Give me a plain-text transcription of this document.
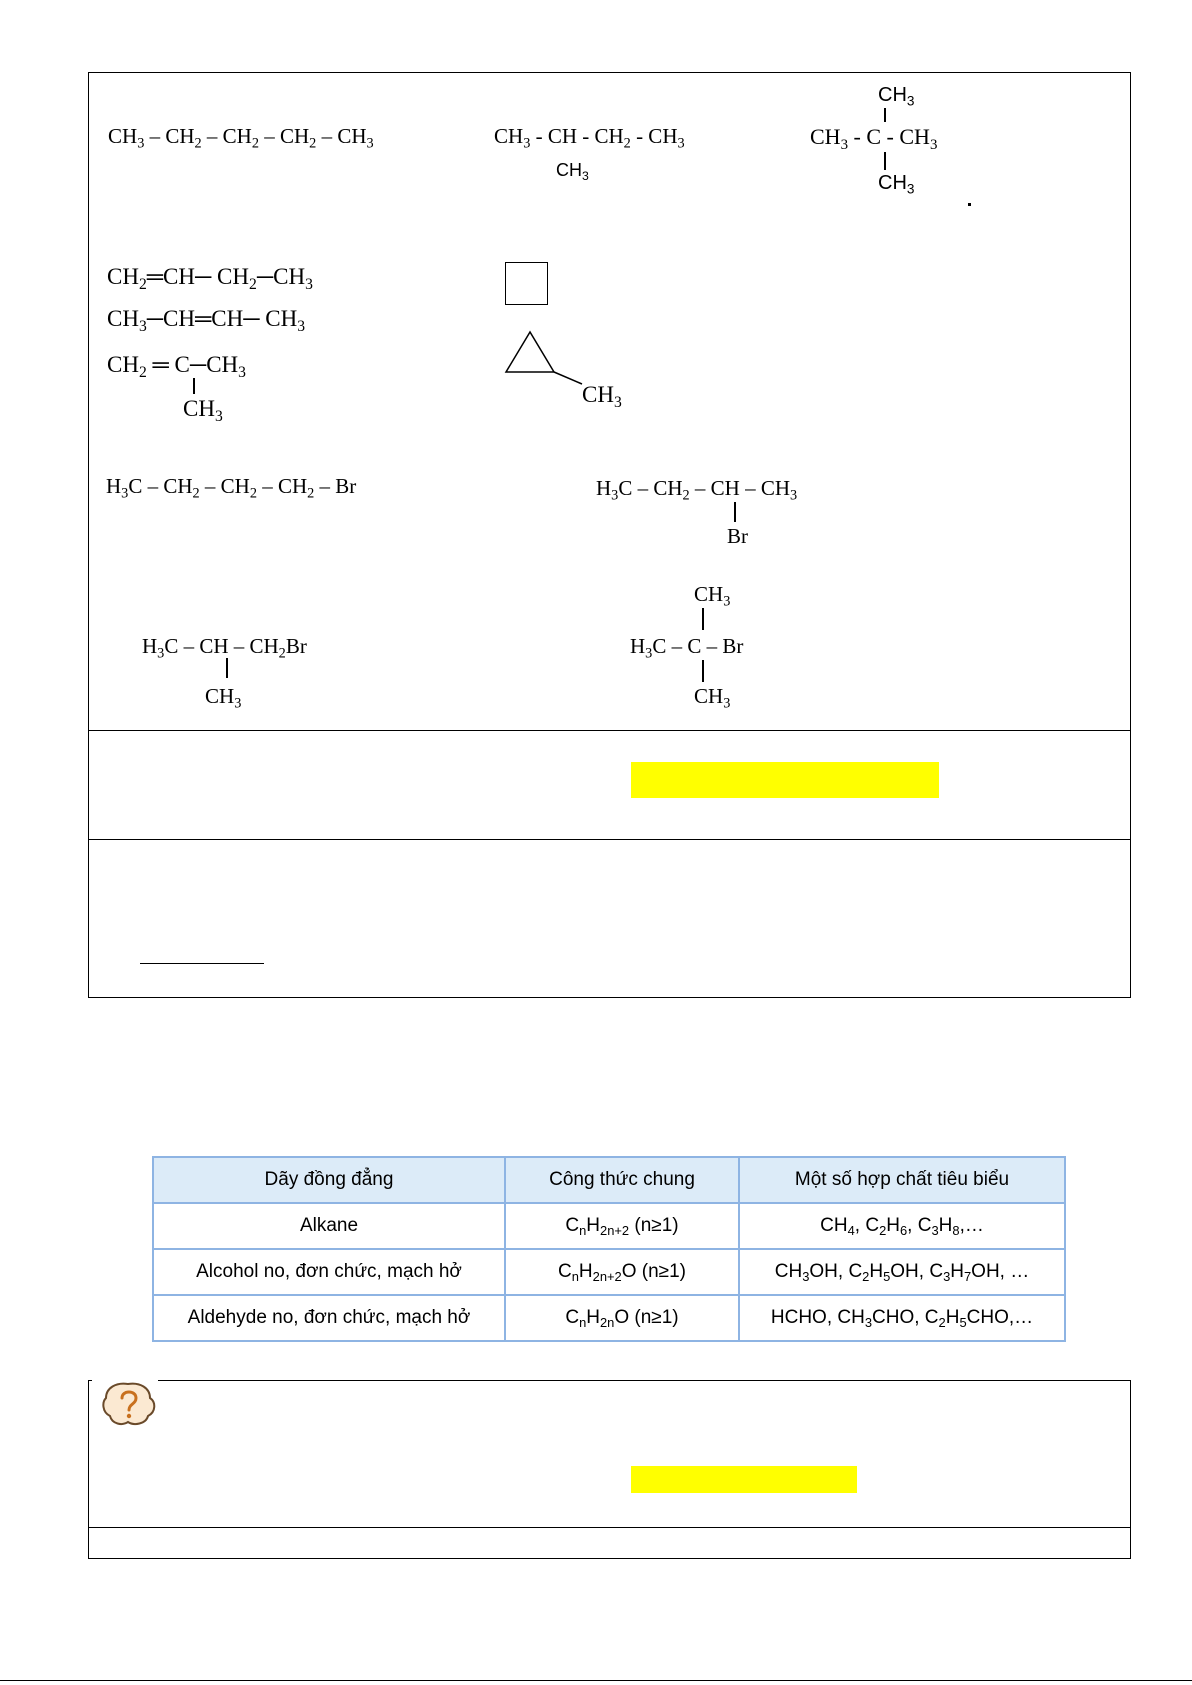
$CH_3 - CH_2 - CH_2 - CH_2 - CH_3$	$CH_3$ - CH - $CH_2 - CH_3$
$CH_3$
$CH_3$
$CH_3$ - C - $CH_3$
$CH_3$
$CH_2═CH─$ $CH_2─CH_3$
$CH_3─CH═CH─$ $CH_3$
$CH_2$ ═ $C─CH_3$
$CH_3$
$CH_3$
$H_3C - CH_2 - CH_2 - CH_2$ – Br	$H_3C - CH_2$ – CH – $CH_3$
Br
$H_3C$ – CH – $CH_2Br$
$CH_3$
$CH_3$
$H_3C$ – C – Br
$CH_3$
Dãy đồng đẳng	Công thức chung	Một số hợp chất tiêu biểu
Alkane	$C_nH_{2n+2}$ (n≥1)	$CH_4$, $C_2H_6$, $C_3H_8,\dots$
Alcohol no, đơn chức, mạch hở	$C_nH_{2n+2}O$ (n≥1)	$CH_3OH$, $C_2H_5OH$, $C_3H_7OH$, …
Aldehyde no, đơn chức, mạch hở	$C_nH_{2n}O$ (n≥1)	HCHO, $CH_3CHO$, $C_2H_5CHO,\dots$
